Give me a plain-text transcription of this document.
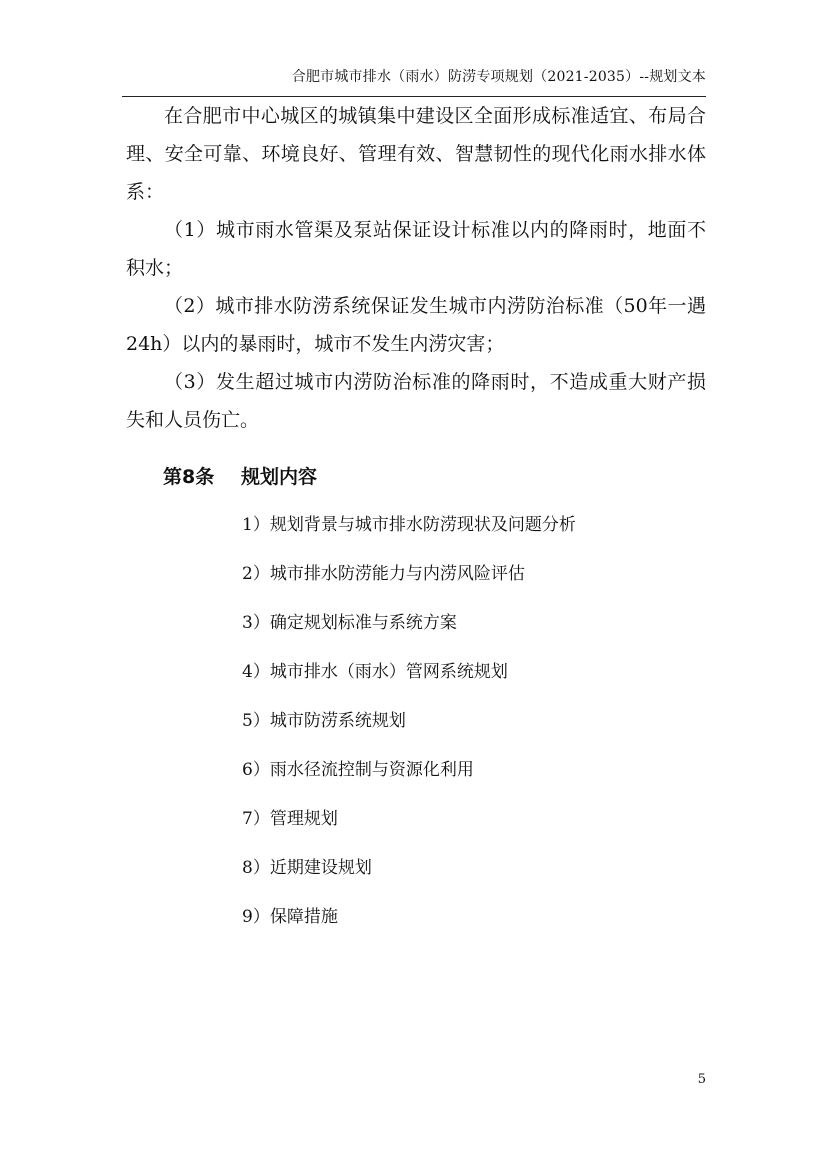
合肥市城市排水（雨水）防涝专项规划（2021-2035）--规划文本

在合肥市中心城区的城镇集中建设区全面形成标准适宜、布局合理、安全可靠、环境良好、管理有效、智慧韧性的现代化雨水排水体系：

（1）城市雨水管渠及泵站保证设计标准以内的降雨时，地面不积水；

（2）城市排水防涝系统保证发生城市内涝防治标准（50年一遇24h）以内的暴雨时，城市不发生内涝灾害；

（3）发生超过城市内涝防治标准的降雨时，不造成重大财产损失和人员伤亡。

第8条 规划内容
1）规划背景与城市排水防涝现状及问题分析
2）城市排水防涝能力与内涝风险评估
3）确定规划标准与系统方案
4）城市排水（雨水）管网系统规划
5）城市防涝系统规划
6）雨水径流控制与资源化利用
7）管理规划
8）近期建设规划
9）保障措施
5
